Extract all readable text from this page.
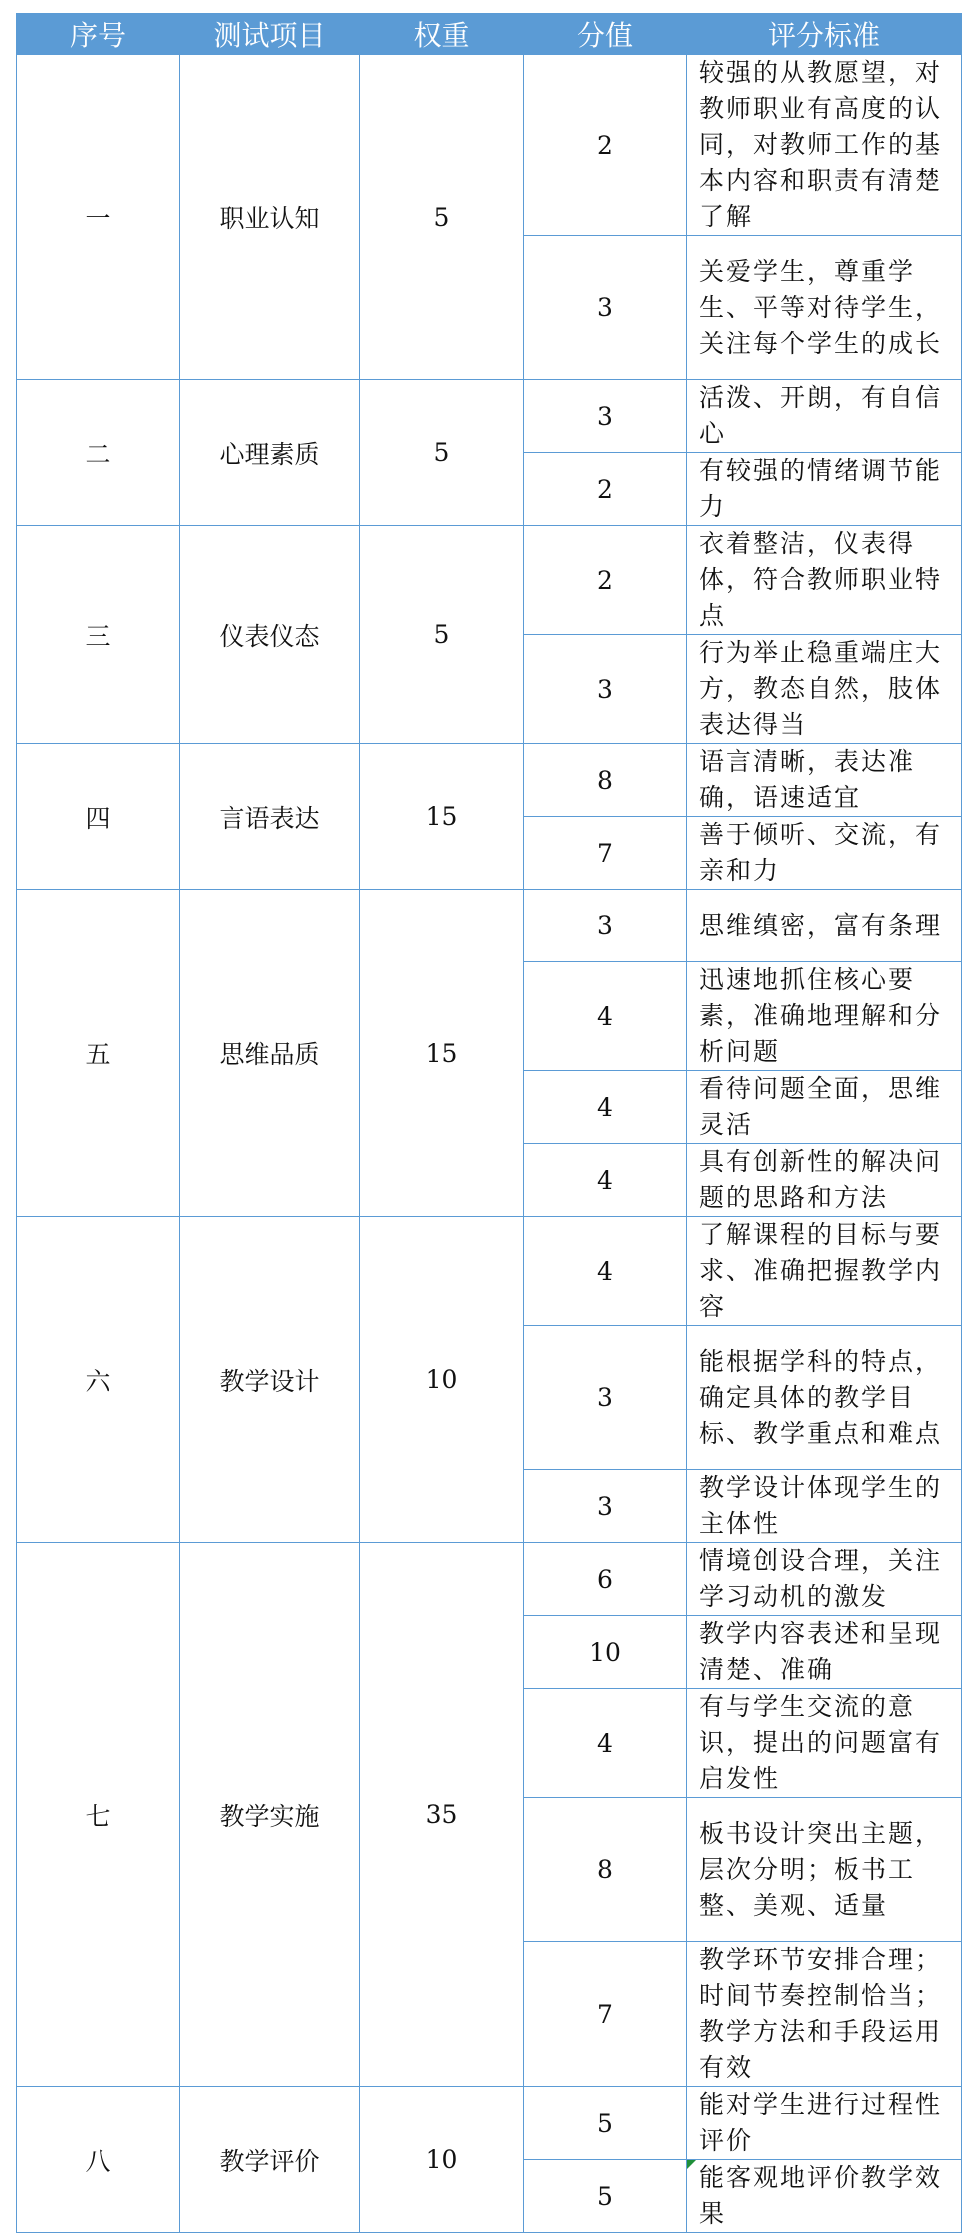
序号	测试项目	权重	分值	评分标准
一	职业认知	5	2	较强的从教愿望，对教师职业有高度的认同，对教师工作的基本内容和职责有清楚了解
			3	关爱学生，尊重学生、平等对待学生，关注每个学生的成长
二	心理素质	5	3	活泼、开朗，有自信心
			2	有较强的情绪调节能力
三	仪表仪态	5	2	衣着整洁，仪表得体，符合教师职业特点
			3	行为举止稳重端庄大方，教态自然，肢体表达得当
四	言语表达	15	8	语言清晰，表达准确，语速适宜
			7	善于倾听、交流，有亲和力
五	思维品质	15	3	思维缜密，富有条理
			4	迅速地抓住核心要素，准确地理解和分析问题
			4	看待问题全面，思维灵活
			4	具有创新性的解决问题的思路和方法
六	教学设计	10	4	了解课程的目标与要求、准确把握教学内容
			3	能根据学科的特点，确定具体的教学目标、教学重点和难点
			3	教学设计体现学生的主体性
七	教学实施	35	6	情境创设合理，关注学习动机的激发
			10	教学内容表述和呈现清楚、准确
			4	有与学生交流的意识，提出的问题富有启发性
			8	板书设计突出主题，层次分明；板书工整、美观、适量
			7	教学环节安排合理；时间节奏控制恰当；教学方法和手段运用有效
八	教学评价	10	5	能对学生进行过程性评价
			5	能客观地评价教学效果
